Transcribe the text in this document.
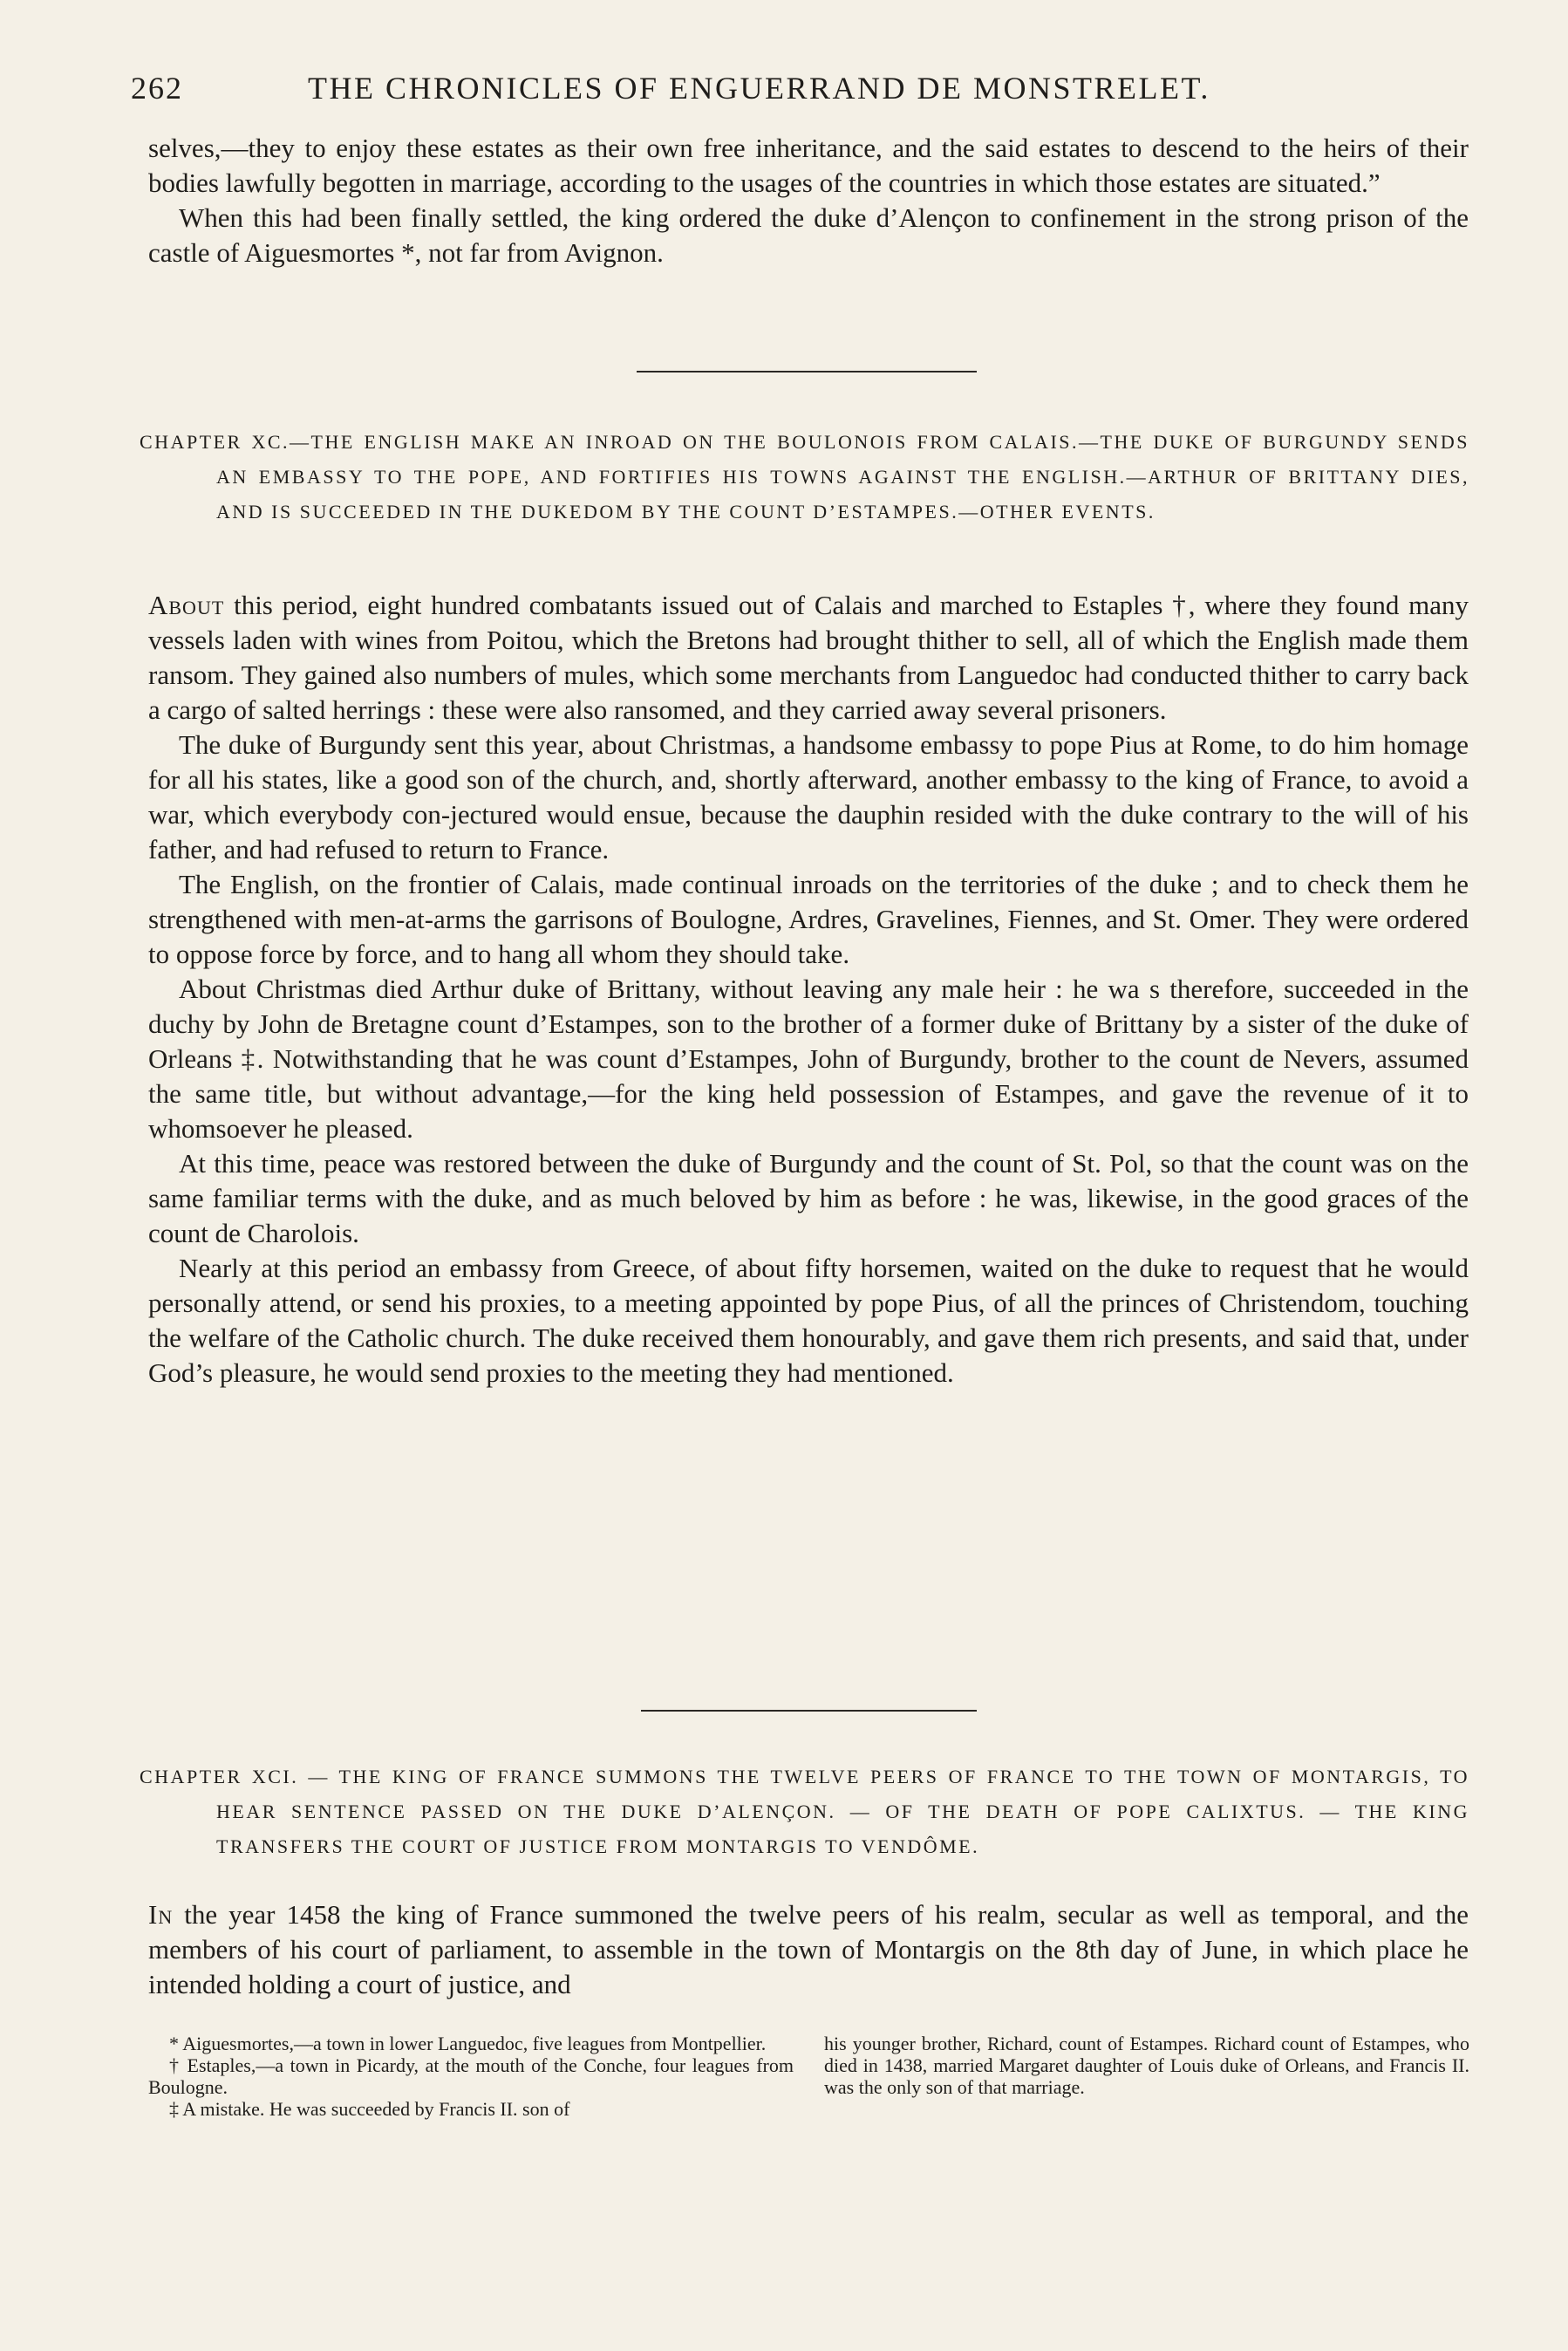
262	THE CHRONICLES OF ENGUERRAND DE MONSTRELET.

selves,—they to enjoy these estates as their own free inheritance, and the said estates to descend to the heirs of their bodies lawfully begotten in marriage, according to the usages of the countries in which those estates are situated.”

When this had been finally settled, the king ordered the duke d’Alençon to confinement in the strong prison of the castle of Aiguesmortes *, not far from Avignon.

CHAPTER XC.—THE ENGLISH MAKE AN INROAD ON THE BOULONOIS FROM CALAIS.—THE DUKE OF BURGUNDY SENDS AN EMBASSY TO THE POPE, AND FORTIFIES HIS TOWNS AGAINST THE ENGLISH.—ARTHUR OF BRITTANY DIES, AND IS SUCCEEDED IN THE DUKEDOM BY THE COUNT D’ESTAMPES.—OTHER EVENTS.

About this period, eight hundred combatants issued out of Calais and marched to Estaples †, where they found many vessels laden with wines from Poitou, which the Bretons had brought thither to sell, all of which the English made them ransom. They gained also numbers of mules, which some merchants from Languedoc had conducted thither to carry back a cargo of salted herrings : these were also ransomed, and they carried away several prisoners.

The duke of Burgundy sent this year, about Christmas, a handsome embassy to pope Pius at Rome, to do him homage for all his states, like a good son of the church, and, shortly afterward, another embassy to the king of France, to avoid a war, which everybody con-jectured would ensue, because the dauphin resided with the duke contrary to the will of his father, and had refused to return to France.

The English, on the frontier of Calais, made continual inroads on the territories of the duke ; and to check them he strengthened with men-at-arms the garrisons of Boulogne, Ardres, Gravelines, Fiennes, and St. Omer. They were ordered to oppose force by force, and to hang all whom they should take.

About Christmas died Arthur duke of Brittany, without leaving any male heir : he wa s therefore, succeeded in the duchy by John de Bretagne count d’Estampes, son to the brother of a former duke of Brittany by a sister of the duke of Orleans ‡. Notwithstanding that he was count d’Estampes, John of Burgundy, brother to the count de Nevers, assumed the same title, but without advantage,—for the king held possession of Estampes, and gave the revenue of it to whomsoever he pleased.

At this time, peace was restored between the duke of Burgundy and the count of St. Pol, so that the count was on the same familiar terms with the duke, and as much beloved by him as before : he was, likewise, in the good graces of the count de Charolois.

Nearly at this period an embassy from Greece, of about fifty horsemen, waited on the duke to request that he would personally attend, or send his proxies, to a meeting appointed by pope Pius, of all the princes of Christendom, touching the welfare of the Catholic church. The duke received them honourably, and gave them rich presents, and said that, under God’s pleasure, he would send proxies to the meeting they had mentioned.

CHAPTER XCI. — THE KING OF FRANCE SUMMONS THE TWELVE PEERS OF FRANCE TO THE TOWN OF MONTARGIS, TO HEAR SENTENCE PASSED ON THE DUKE D’ALENÇON. — OF THE DEATH OF POPE CALIXTUS. — THE KING TRANSFERS THE COURT OF JUSTICE FROM MONTARGIS TO VENDÔME.

In the year 1458 the king of France summoned the twelve peers of his realm, secular as well as temporal, and the members of his court of parliament, to assemble in the town of Montargis on the 8th day of June, in which place he intended holding a court of justice, and

* Aiguesmortes,—a town in lower Languedoc, five leagues from Montpellier.

† Estaples,—a town in Picardy, at the mouth of the Conche, four leagues from Boulogne.

‡ A mistake. He was succeeded by Francis II. son of

his younger brother, Richard, count of Estampes. Richard count of Estampes, who died in 1438, married Margaret daughter of Louis duke of Orleans, and Francis II. was the only son of that marriage.
